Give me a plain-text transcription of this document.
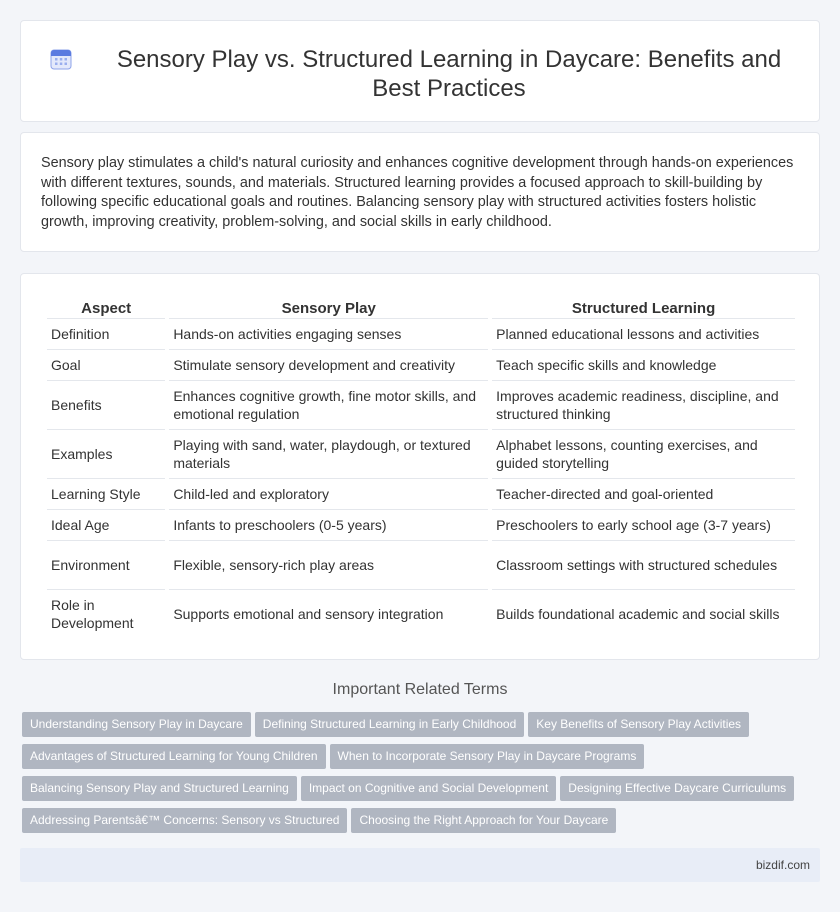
Sensory Play vs. Structured Learning in Daycare: Benefits and Best Practices

Sensory play stimulates a child's natural curiosity and enhances cognitive development through hands-on experiences with different textures, sounds, and materials. Structured learning provides a focused approach to skill-building by following specific educational goals and routines. Balancing sensory play with structured activities fosters holistic growth, improving creativity, problem-solving, and social skills in early childhood.

Aspect	Sensory Play	Structured Learning
Definition	Hands-on activities engaging senses	Planned educational lessons and activities
Goal	Stimulate sensory development and creativity	Teach specific skills and knowledge
Benefits	Enhances cognitive growth, fine motor skills, and emotional regulation	Improves academic readiness, discipline, and structured thinking
Examples	Playing with sand, water, playdough, or textured materials	Alphabet lessons, counting exercises, and guided storytelling
Learning Style	Child-led and exploratory	Teacher-directed and goal-oriented
Ideal Age	Infants to preschoolers (0-5 years)	Preschoolers to early school age (3-7 years)
Environment	Flexible, sensory-rich play areas	Classroom settings with structured schedules
Role in Development	Supports emotional and sensory integration	Builds foundational academic and social skills
Important Related Terms
Understanding Sensory Play in Daycare Defining Structured Learning in Early Childhood Key Benefits of Sensory Play Activities
Advantages of Structured Learning for Young Children When to Incorporate Sensory Play in Daycare Programs
Balancing Sensory Play and Structured Learning Impact on Cognitive and Social Development Designing Effective Daycare Curriculums
Addressing Parentsâ€™ Concerns: Sensory vs Structured Choosing the Right Approach for Your Daycare
bizdif.com
